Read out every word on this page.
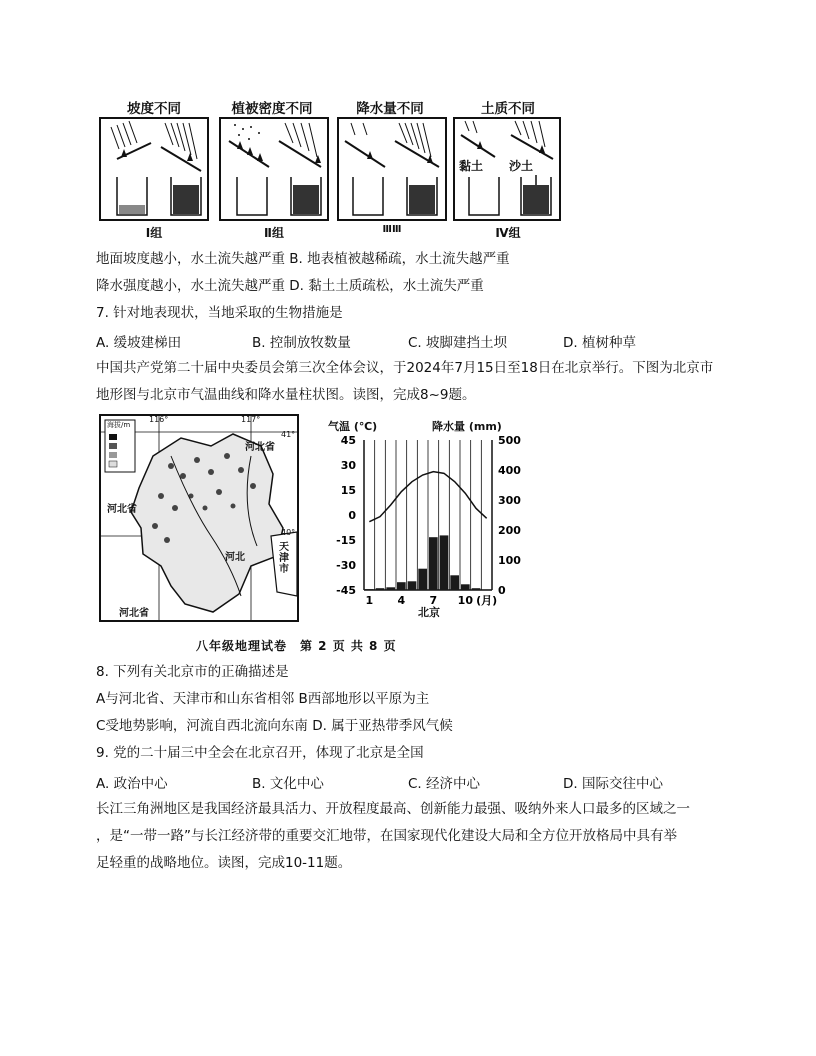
坡度不同
Ⅰ组
植被密度不同
Ⅱ组
降水量不同
ⅢⅢ
土质不同
黏土 沙土
Ⅳ组
地面坡度越小，水土流失越严重 B. 地表植被越稀疏，水土流失越严重
降水强度越小，水土流失越严重 D. 黏土土质疏松，水土流失严重
7. 针对地表现状，当地采取的生物措施是
A. 缓坡建梯田	B. 控制放牧数量	C. 坡脚建挡土坝	D. 植树种草
中国共产党第二十届中央委员会第三次全体会议，于2024年7月15日至18日在北京举行。下图为北京市
地形图与北京市气温曲线和降水量柱状图。读图，完成8~9题。
海拔/m
116°	117°
41°
40°
河北省
河北省
河北省
河北
天津市
气温 (℃)	降水量 (mm)
45
30
15
0
-15
-30
-45
500
400
300
200
100
0
1 4 7 10 (月)
北京
八年级地理试卷　第 2 页 共 8 页
8. 下列有关北京市的正确描述是
A与河北省、天津市和山东省相邻 B西部地形以平原为主
C受地势影响，河流自西北流向东南 D. 属于亚热带季风气候
9. 党的二十届三中全会在北京召开，体现了北京是全国
A. 政治中心	B. 文化中心	C. 经济中心	D. 国际交往中心
长江三角洲地区是我国经济最具活力、开放程度最高、创新能力最强、吸纳外来人口最多的区域之一
，是“一带一路”与长江经济带的重要交汇地带，在国家现代化建设大局和全方位开放格局中具有举
足轻重的战略地位。读图，完成10-11题。
